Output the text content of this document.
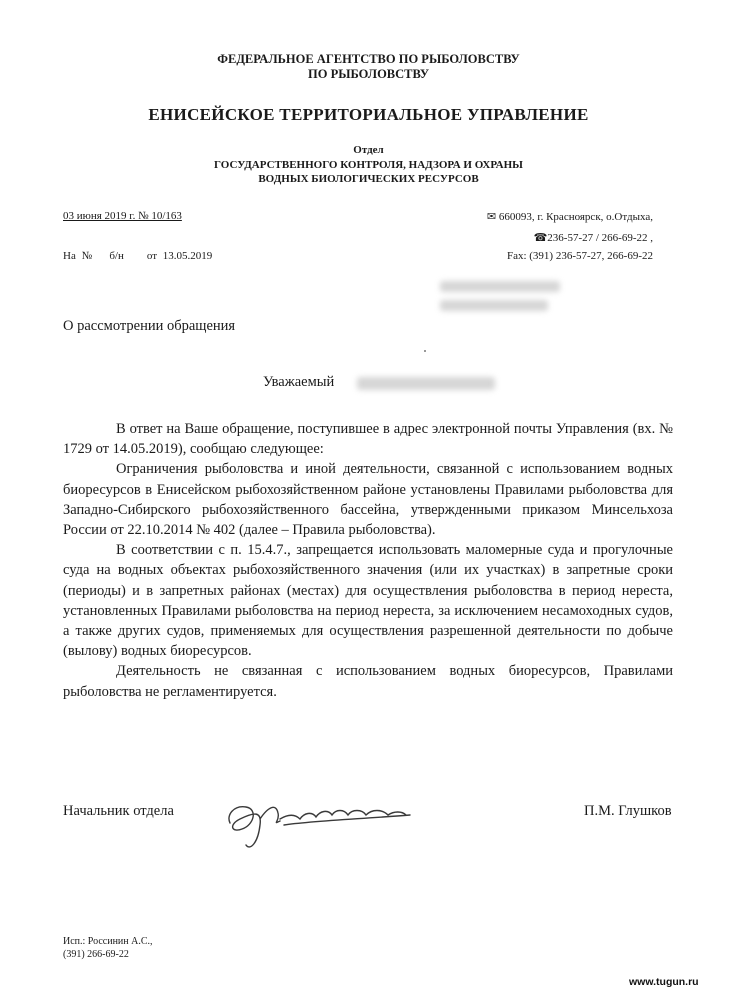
ФЕДЕРАЛЬНОЕ АГЕНТСТВО ПО РЫБОЛОВСТВУ
ПО РЫБОЛОВСТВУ
ЕНИСЕЙСКОЕ ТЕРРИТОРИАЛЬНОЕ УПРАВЛЕНИЕ
Отдел
ГОСУДАРСТВЕННОГО КОНТРОЛЯ, НАДЗОРА И ОХРАНЫ
ВОДНЫХ БИОЛОГИЧЕСКИХ РЕСУРСОВ
03 июня 2019 г. № 10/163
На № б/н от 13.05.2019
✉ 660093, г. Красноярск, о.Отдыха,
☎236-57-27 / 266-69-22 ,
Fax: (391) 236-57-27, 266-69-22
О рассмотрении обращения
Уважаемый

В ответ на Ваше обращение, поступившее в адрес электронной почты Управления (вх. № 1729 от 14.05.2019), сообщаю следующее:

Ограничения рыболовства и иной деятельности, связанной с использованием водных биоресурсов в Енисейском рыбохозяйственном районе установлены Правилами рыболовства для Западно-Сибирского рыбохозяйственного бассейна, утвержденными приказом Минсельхоза России от 22.10.2014 № 402 (далее – Правила рыболовства).

В соответствии с п. 15.4.7., запрещается использовать маломерные суда и прогулочные суда на водных объектах рыбохозяйственного значения (или их участках) в запретные сроки (периоды) и в запретных районах (местах) для осуществления рыболовства в период нереста, установленных Правилами рыболовства на период нереста, за исключением несамоходных судов, а также других судов, применяемых для осуществления разрешенной деятельности по добыче (вылову) водных биоресурсов.

Деятельность не связанная с использованием водных биоресурсов, Правилами рыболовства не регламентируется.

Начальник отдела	П.М. Глушков
Исп.: Россинин А.С.,
(391) 266-69-22
www.tugun.ru
